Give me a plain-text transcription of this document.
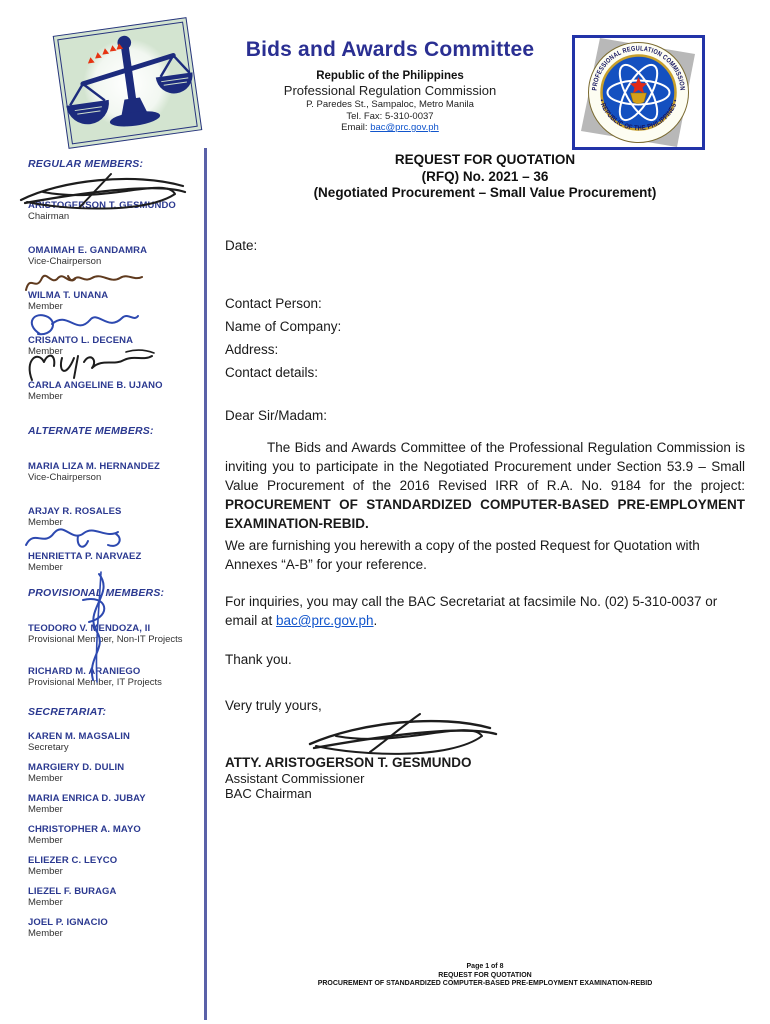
Bids and Awards Committee
Republic of the Philippines
Professional Regulation Commission
P. Paredes St., Sampaloc, Metro Manila
Tel. Fax: 5-310-0037
Email: bac@prc.gov.ph
PROFESSIONAL REGULATION COMMISSION
• REPUBLIC OF THE PHILIPPINES •
REGULAR MEMBERS:
ARISTOGERSON T. GESMUNDO
Chairman
OMAIMAH E. GANDAMRA
Vice-Chairperson
WILMA T. UNANA
Member
CRISANTO L. DECENA
Member
CARLA ANGELINE B. UJANO
Member
ALTERNATE MEMBERS:
MARIA LIZA M. HERNANDEZ
Vice-Chairperson
ARJAY R. ROSALES
Member
HENRIETTA P. NARVAEZ
Member
PROVISIONAL MEMBERS:
TEODORO V. MENDOZA, II
Provisional Member, Non-IT Projects
RICHARD M. ARANIEGO
Provisional Member, IT Projects
SECRETARIAT:
KAREN M. MAGSALIN
Secretary
MARGIERY D. DULIN
Member
MARIA ENRICA D. JUBAY
Member
CHRISTOPHER A. MAYO
Member
ELIEZER C. LEYCO
Member
LIEZEL F. BURAGA
Member
JOEL P. IGNACIO
Member
REQUEST FOR QUOTATION
(RFQ) No. 2021 – 36
(Negotiated Procurement – Small Value Procurement)
Date:
Contact Person:
Name of Company:
Address:
Contact details:
Dear Sir/Madam:
The Bids and Awards Committee of the Professional Regulation Commission is inviting you to participate in the Negotiated Procurement under Section 53.9 – Small Value Procurement of the 2016 Revised IRR of R.A. No. 9184 for the project: PROCUREMENT OF STANDARDIZED COMPUTER-BASED PRE-EMPLOYMENT EXAMINATION-REBID.
We are furnishing you herewith a copy of the posted Request for Quotation with Annexes “A-B” for your reference.
For inquiries, you may call the BAC Secretariat at facsimile No. (02) 5-310-0037 or email at bac@prc.gov.ph.
Thank you.
Very truly yours,
ATTY. ARISTOGERSON T. GESMUNDO
Assistant Commissioner
BAC Chairman
Page 1 of 8
REQUEST FOR QUOTATION
PROCUREMENT OF STANDARDIZED COMPUTER-BASED PRE-EMPLOYMENT EXAMINATION-REBID
